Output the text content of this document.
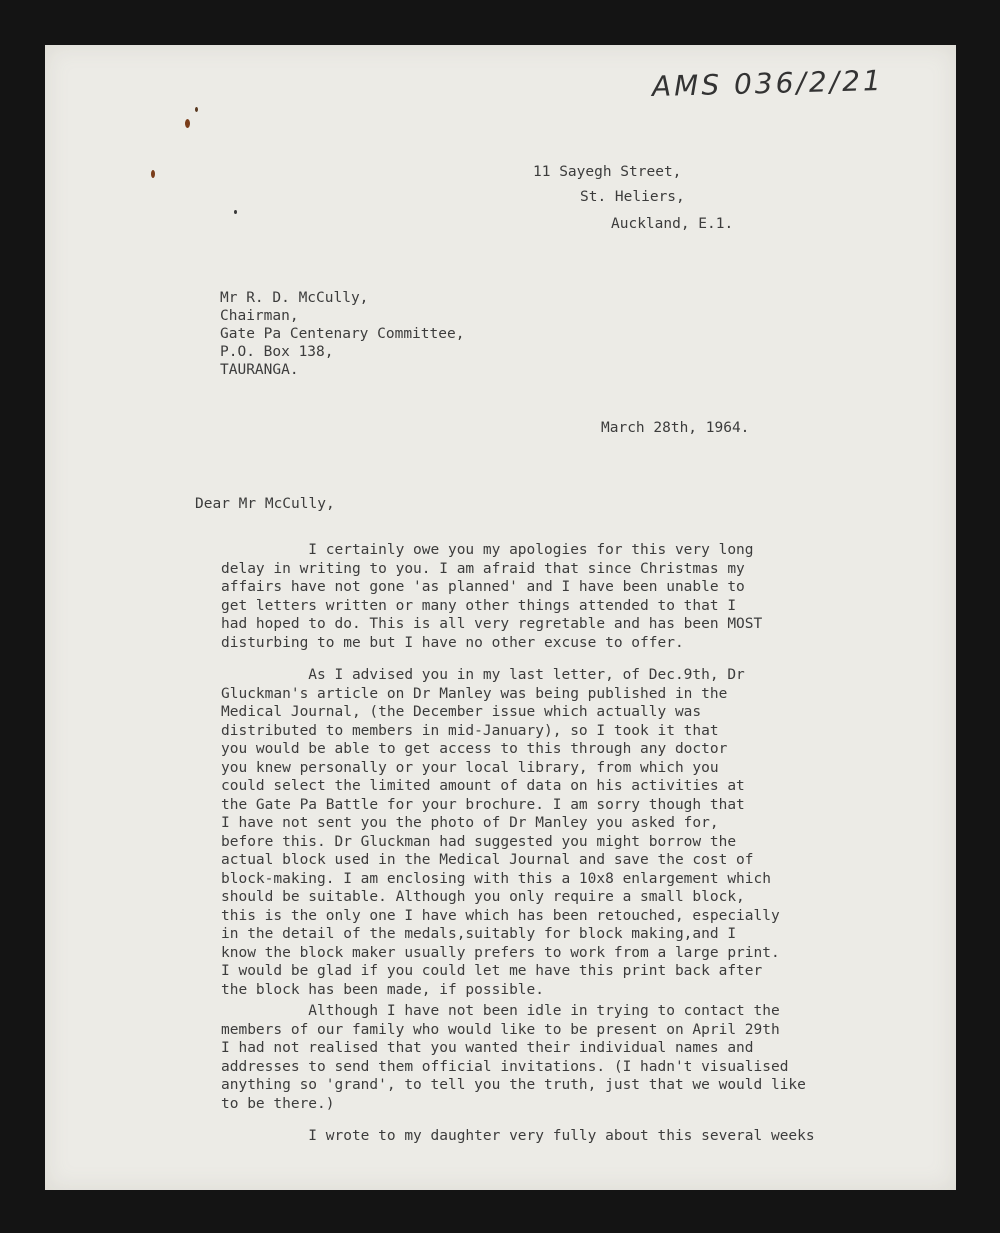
AMS 036/2/21
11 Sayegh Street,
St. Heliers,
Auckland, E.1.
Mr R. D. McCully,
Chairman,
Gate Pa Centenary Committee,
P.O. Box 138,
TAURANGA.
March 28th, 1964.
Dear Mr McCully,
I certainly owe you my apologies for this very long
delay in writing to you. I am afraid that since Christmas my
affairs have not gone 'as planned' and I have been unable to
get letters written or many other things attended to that I
had hoped to do. This is all very regretable and has been MOST
disturbing to me but I have no other excuse to offer.
As I advised you in my last letter, of Dec.9th, Dr
Gluckman's article on Dr Manley was being published in the
Medical Journal, (the December issue which actually was
distributed to members in mid-January), so I took it that
you would be able to get access to this through any doctor
you knew personally or your local library, from which you
could select the limited amount of data on his activities at
the Gate Pa Battle for your brochure. I am sorry though that
I have not sent you the photo of Dr Manley you asked for,
before this. Dr Gluckman had suggested you might borrow the
actual block used in the Medical Journal and save the cost of
block-making. I am enclosing with this a 10x8 enlargement which
should be suitable. Although you only require a small block,
this is the only one I have which has been retouched, especially
in the detail of the medals,suitably for block making,and I
know the block maker usually prefers to work from a large print.
I would be glad if you could let me have this print back after
the block has been made, if possible.
Although I have not been idle in trying to contact the
members of our family who would like to be present on April 29th
I had not realised that you wanted their individual names and
addresses to send them official invitations. (I hadn't visualised
anything so 'grand', to tell you the truth, just that we would like
to be there.)
I wrote to my daughter very fully about this several weeks
